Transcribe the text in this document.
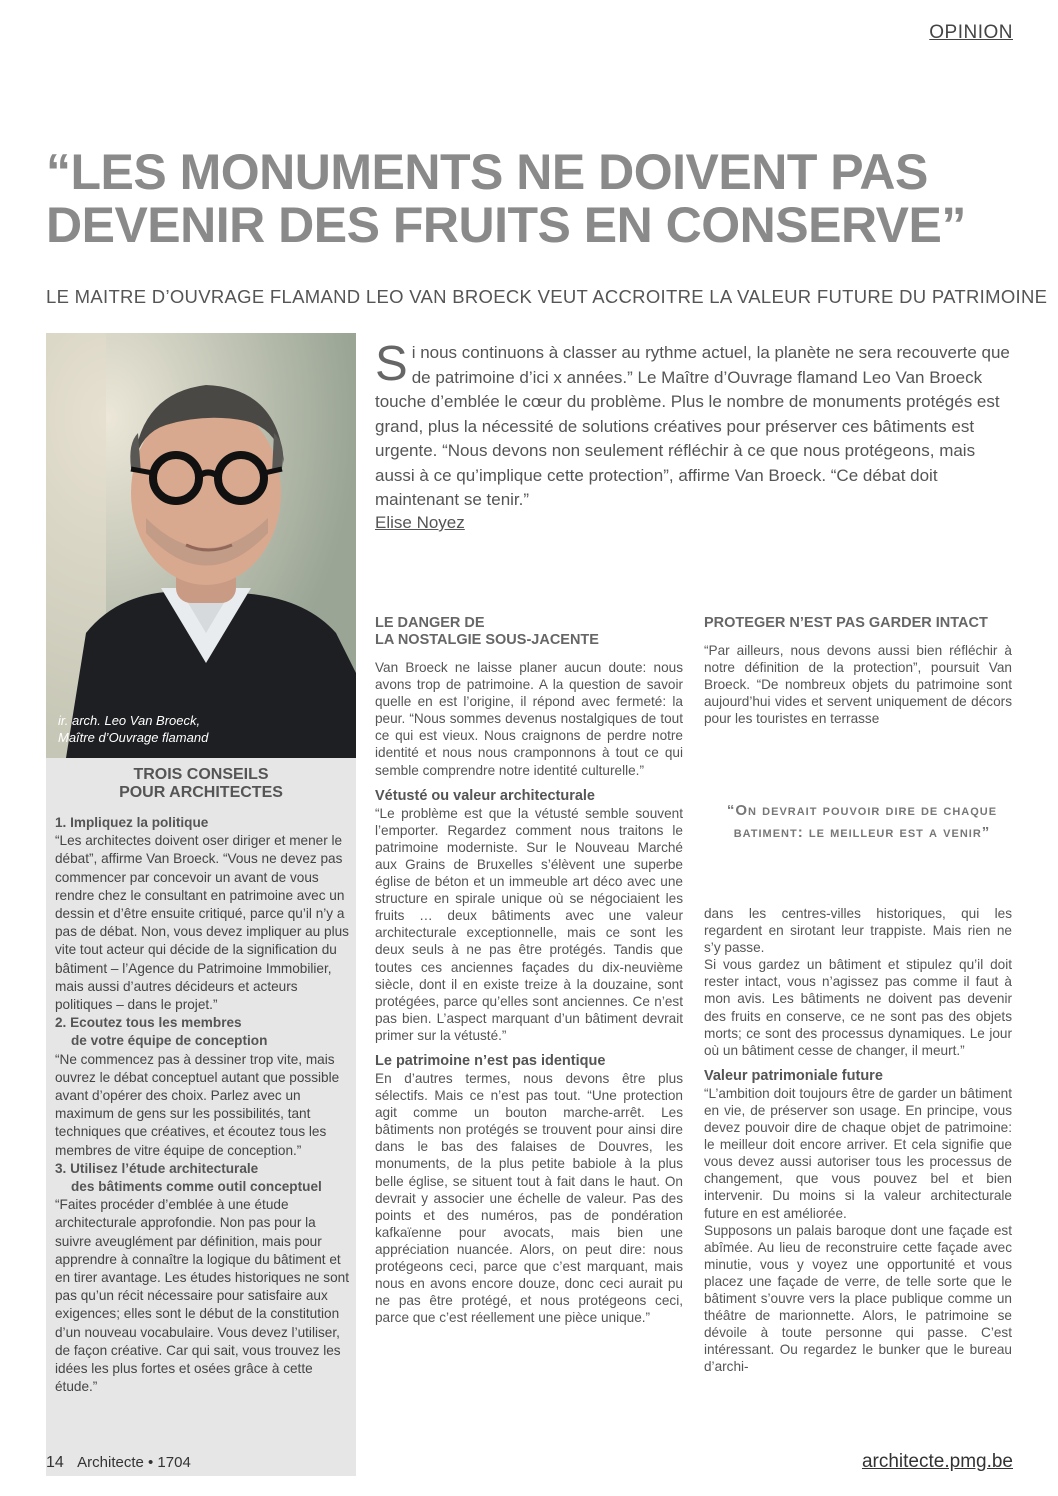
OPINION
“LES MONUMENTS NE DOIVENT PAS
DEVENIR DES FRUITS EN CONSERVE”
LE MAITRE D’OUVRAGE FLAMAND LEO VAN BROECK VEUT ACCROITRE LA VALEUR FUTURE DU PATRIMOINE
ir. arch. Leo Van Broeck,
Maître d’Ouvrage flamand
S i nous continuons à classer au rythme actuel, la planète ne sera recouverte que de patrimoine d’ici x années.” Le Maître d’Ouvrage flamand Leo Van Broeck touche d’emblée le cœur du problème. Plus le nombre de monuments protégés est grand, plus la nécessité de solutions créatives pour préserver ces bâtiments est urgente. “Nous devons non seulement réfléchir à ce que nous protégeons, mais aussi à ce qu’implique cette protection”, affirme Van Broeck. “Ce débat doit maintenant se tenir.”
Elise Noyez
TROIS CONSEILS
POUR ARCHITECTES
1. Impliquez la politique

“Les architectes doivent oser diriger et mener le débat”, affirme Van Broeck. “Vous ne devez pas commencer par concevoir un avant de vous rendre chez le consultant en patrimoine avec un dessin et d’être ensuite critiqué, parce qu’il n’y a pas de débat. Non, vous devez impliquer au plus vite tout acteur qui décide de la signification du bâtiment – l’Agence du Patrimoine Immobilier, mais aussi d’autres décideurs et acteurs politiques – dans le projet.”

2. Ecoutez tous les membres
de votre équipe de conception

“Ne commencez pas à dessiner trop vite, mais ouvrez le débat conceptuel autant que possible avant d’opérer des choix. Parlez avec un maximum de gens sur les possibilités, tant techniques que créatives, et écoutez tous les membres de vitre équipe de conception.”

3. Utilisez l’étude architecturale
des bâtiments comme outil conceptuel

“Faites procéder d’emblée à une étude architecturale approfondie. Non pas pour la suivre aveuglément par définition, mais pour apprendre à connaître la logique du bâtiment et en tirer avantage. Les études historiques ne sont pas qu’un récit nécessaire pour satisfaire aux exigences; elles sont le début de la constitution d’un nouveau vocabulaire. Vous devez l’utiliser, de façon créative. Car qui sait, vous trouvez les idées les plus fortes et osées grâce à cette étude.”

LE DANGER DE
LA NOSTALGIE SOUS-JACENTE

Van Broeck ne laisse planer aucun doute: nous avons trop de patrimoine. A la question de savoir quelle en est l’origine, il répond avec fermeté: la peur. “Nous sommes devenus nostalgiques de tout ce qui est vieux. Nous craignons de perdre notre identité et nous nous cramponnons à tout ce qui semble comprendre notre identité culturelle.”

Vétusté ou valeur architecturale

“Le problème est que la vétusté semble souvent l’emporter. Regardez comment nous traitons le patrimoine moderniste. Sur le Nouveau Marché aux Grains de Bruxelles s’élèvent une superbe église de béton et un immeuble art déco avec une structure en spirale unique où se négociaient les fruits … deux bâtiments avec une valeur architecturale exceptionnelle, mais ce sont les deux seuls à ne pas être protégés. Tandis que toutes ces anciennes façades du dix-neuvième siècle, dont il en existe treize à la douzaine, sont protégées, parce qu’elles sont anciennes. Ce n’est pas bien. L’aspect marquant d’un bâtiment devrait primer sur la vétusté.”

Le patrimoine n’est pas identique

En d’autres termes, nous devons être plus sélectifs. Mais ce n’est pas tout. “Une protection agit comme un bouton marche-arrêt. Les bâtiments non protégés se trouvent pour ainsi dire dans le bas des falaises de Douvres, les monuments, de la plus petite babiole à la plus belle église, se situent tout à fait dans le haut. On devrait y associer une échelle de valeur. Pas des points et des numéros, pas de pondération kafkaïenne pour avocats, mais bien une appréciation nuancée. Alors, on peut dire: nous protégeons ceci, parce que c’est marquant, mais nous en avons encore douze, donc ceci aurait pu ne pas être protégé, et nous protégeons ceci, parce que c’est réellement une pièce unique.”

PROTEGER N’EST PAS GARDER INTACT

“Par ailleurs, nous devons aussi bien réfléchir à notre définition de la protection”, poursuit Van Broeck. “De nombreux objets du patrimoine sont aujourd’hui vides et servent uniquement de décors pour les touristes en terrasse

“On devrait pouvoir dire de chaque batiment: le meilleur est a venir”

dans les centres-villes historiques, qui les regardent en sirotant leur trappiste. Mais rien ne s’y passe.

Si vous gardez un bâtiment et stipulez qu’il doit rester intact, vous n’agissez pas comme il faut à mon avis. Les bâtiments ne doivent pas devenir des fruits en conserve, ce ne sont pas des objets morts; ce sont des processus dynamiques. Le jour où un bâtiment cesse de changer, il meurt.”

Valeur patrimoniale future

“L’ambition doit toujours être de garder un bâtiment en vie, de préserver son usage. En principe, vous devez pouvoir dire de chaque objet de patrimoine: le meilleur doit encore arriver. Et cela signifie que vous devez aussi autoriser tous les processus de changement, que vous pouvez bel et bien intervenir. Du moins si la valeur architecturale future en est améliorée.

Supposons un palais baroque dont une façade est abîmée. Au lieu de reconstruire cette façade avec minutie, vous y voyez une opportunité et vous placez une façade de verre, de telle sorte que le bâtiment s’ouvre vers la place publique comme un théâtre de marionnette. Alors, le patrimoine se dévoile à toute personne qui passe. C’est intéressant. Ou regardez le bunker que le bureau d’archi-

14 Architecte • 1704	architecte.pmg.be
